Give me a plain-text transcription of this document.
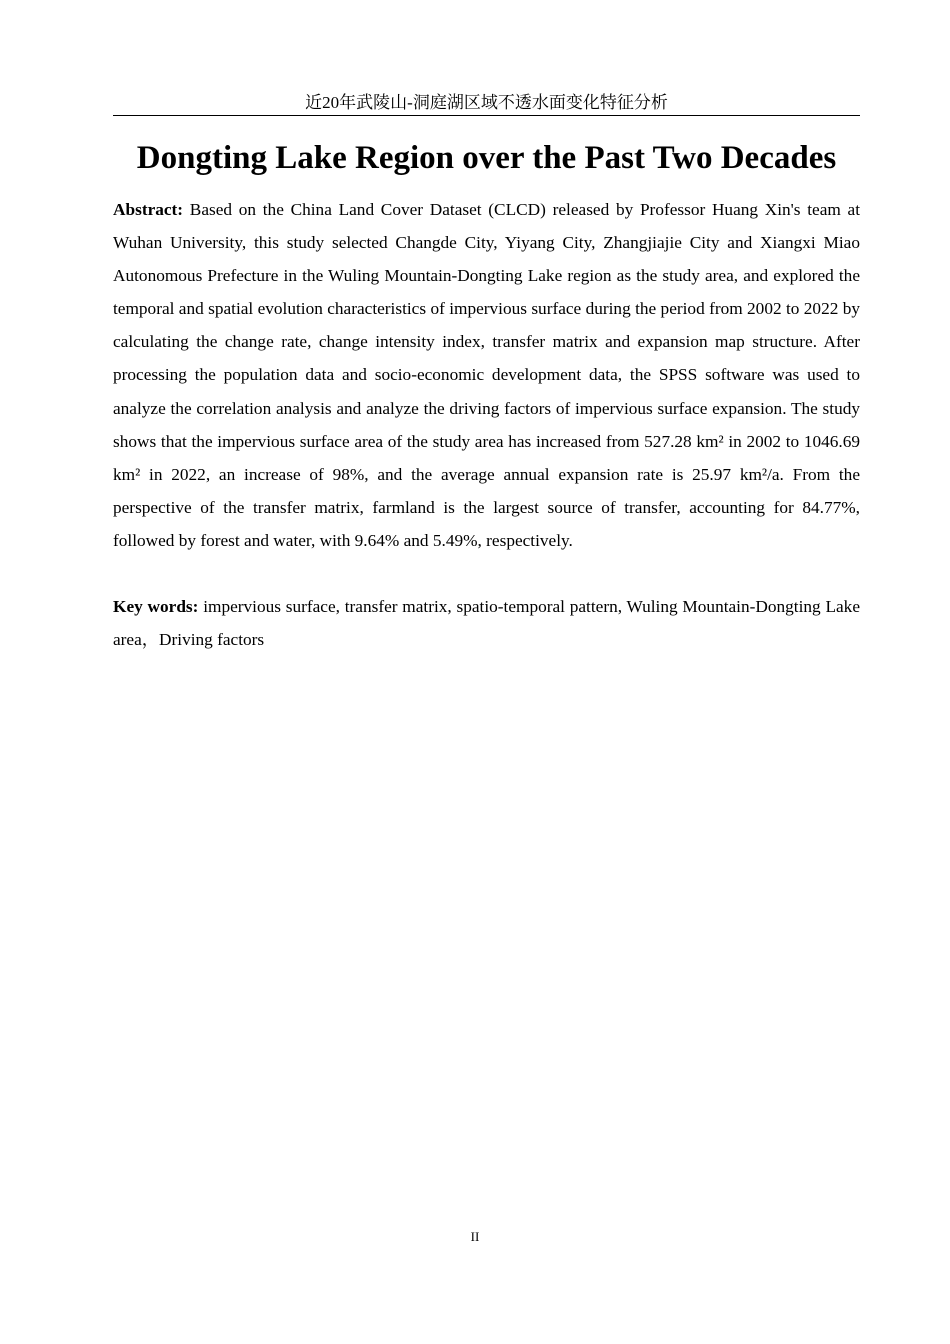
近20年武陵山-洞庭湖区域不透水面变化特征分析
Dongting Lake Region over the Past Two Decades

Abstract: Based on the China Land Cover Dataset (CLCD) released by Professor Huang Xin's team at Wuhan University, this study selected Changde City, Yiyang City, Zhangjiajie City and Xiangxi Miao Autonomous Prefecture in the Wuling Mountain-Dongting Lake region as the study area, and explored the temporal and spatial evolution characteristics of impervious surface during the period from 2002 to 2022 by calculating the change rate, change intensity index, transfer matrix and expansion map structure. After processing the population data and socio-economic development data, the SPSS software was used to analyze the correlation analysis and analyze the driving factors of impervious surface expansion. The study shows that the impervious surface area of the study area has increased from 527.28 km² in 2002 to 1046.69 km² in 2022, an increase of 98%, and the average annual expansion rate is 25.97 km²/a. From the perspective of the transfer matrix, farmland is the largest source of transfer, accounting for 84.77%, followed by forest and water, with 9.64% and 5.49%, respectively.

Key words: impervious surface, transfer matrix, spatio-temporal pattern, Wuling Mountain-Dongting Lake area，Driving factors

II
